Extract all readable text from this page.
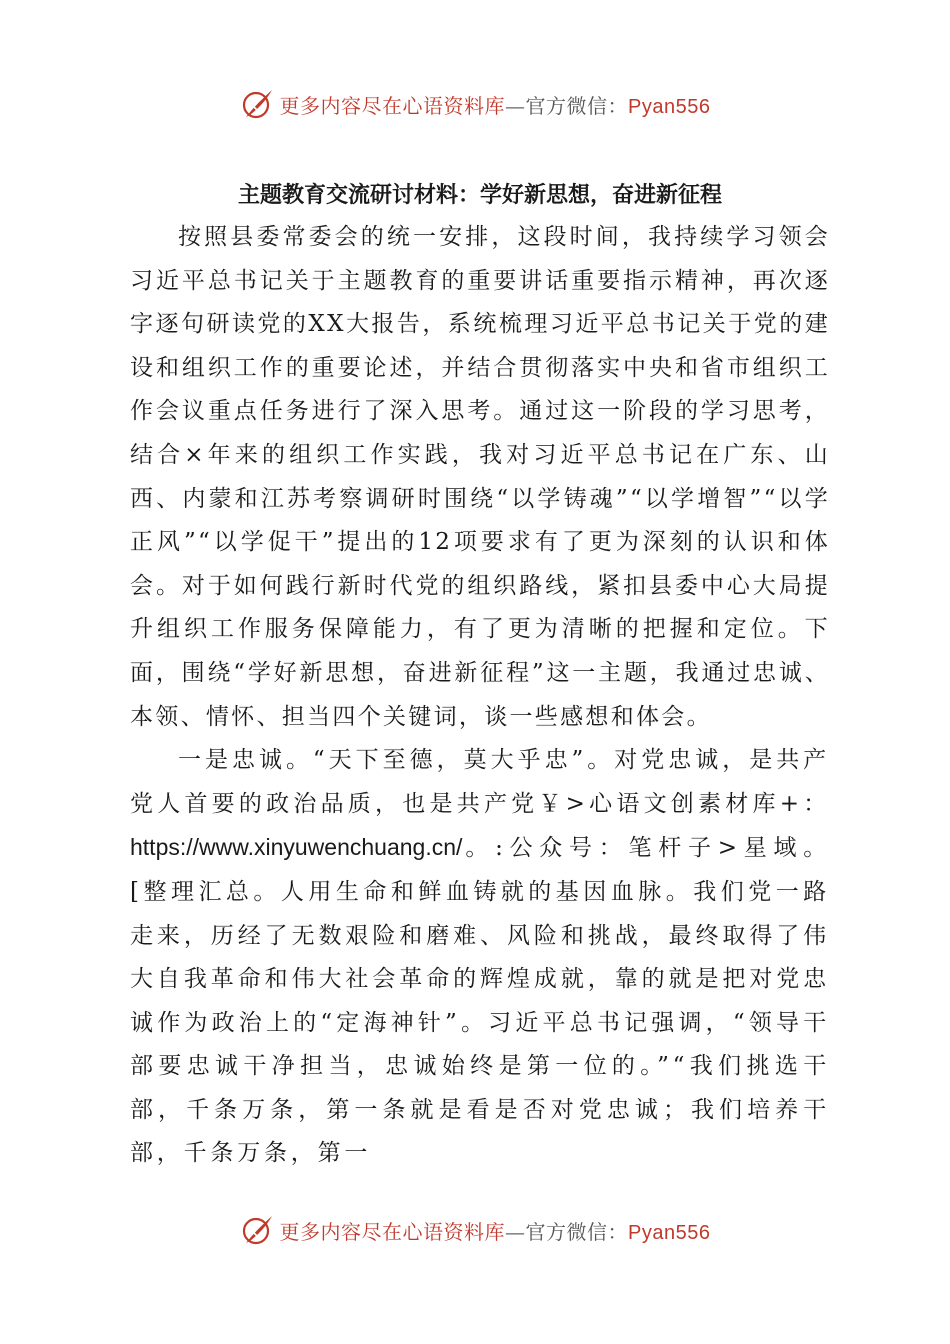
更多内容尽在心语资料库—官方微信：Pyan556
主题教育交流研讨材料：学好新思想，奋进新征程

按照县委常委会的统一安排，这段时间，我持续学习领会习近平总书记关于主题教育的重要讲话重要指示精神，再次逐字逐句研读党的XX大报告，系统梳理习近平总书记关于党的建设和组织工作的重要论述，并结合贯彻落实中央和省市组织工作会议重点任务进行了深入思考。通过这一阶段的学习思考，结合×年来的组织工作实践，我对习近平总书记在广东、山西、内蒙和江苏考察调研时围绕“以学铸魂”“以学增智”“以学正风”“以学促干”提出的12项要求有了更为深刻的认识和体会。对于如何践行新时代党的组织路线，紧扣县委中心大局提升组织工作服务保障能力，有了更为清晰的把握和定位。下面，围绕“学好新思想，奋进新征程”这一主题，我通过忠诚、本领、情怀、担当四个关键词，谈一些感想和体会。

一是忠诚。“天下至德，莫大乎忠”。对党忠诚，是共产党人首要的政治品质，也是共产党￥>心语文创素材库+：https://www.xinyuwenchuang.cn/。:公众号：笔杆子>星域。[整理汇总。人用生命和鲜血铸就的基因血脉。我们党一路走来，历经了无数艰险和磨难、风险和挑战，最终取得了伟大自我革命和伟大社会革命的辉煌成就，靠的就是把对党忠诚作为政治上的“定海神针”。习近平总书记强调，“领导干部要忠诚干净担当，忠诚始终是第一位的。”“我们挑选干部，千条万条，第一条就是看是否对党忠诚；我们培养干部，千条万条，第一

更多内容尽在心语资料库—官方微信：Pyan556
